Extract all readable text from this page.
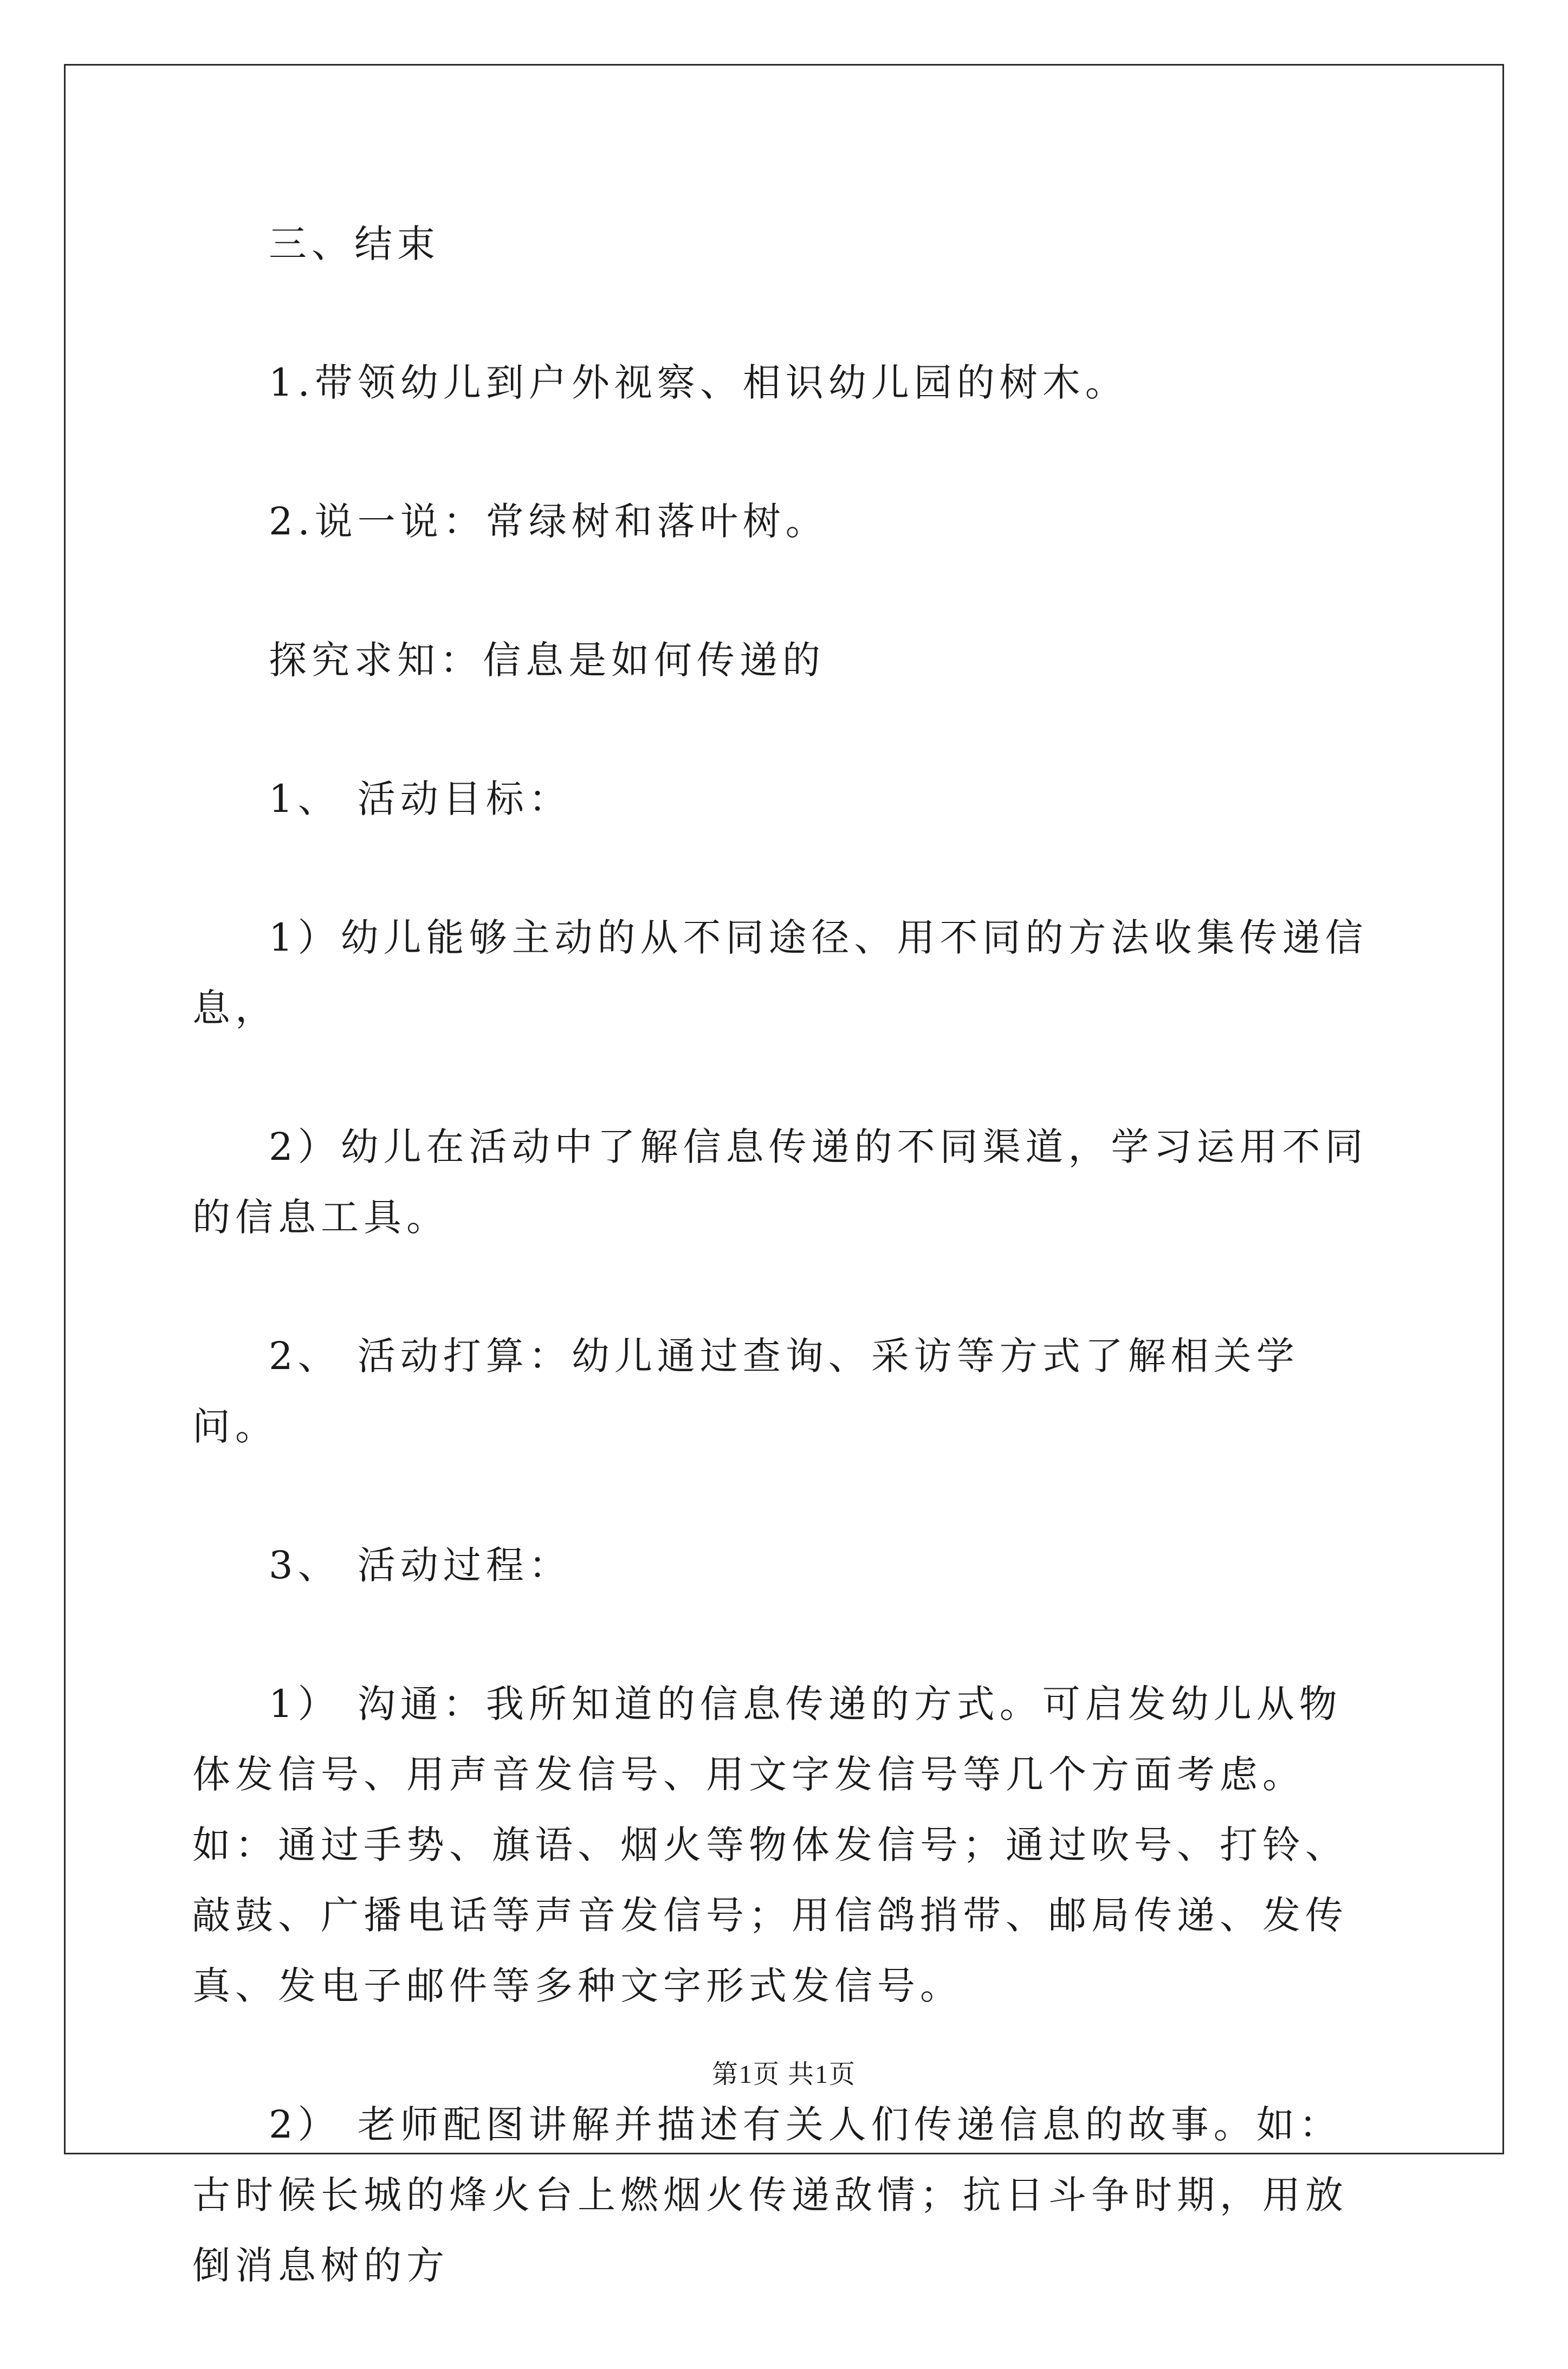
三、结束

1.带领幼儿到户外视察、相识幼儿园的树木。

2.说一说：常绿树和落叶树。

探究求知：信息是如何传递的

1、 活动目标：

1）幼儿能够主动的从不同途径、用不同的方法收集传递信息，

2）幼儿在活动中了解信息传递的不同渠道，学习运用不同的信息工具。

2、 活动打算：幼儿通过查询、采访等方式了解相关学问。

3、 活动过程：

1） 沟通：我所知道的信息传递的方式。可启发幼儿从物体发信号、用声音发信号、用文字发信号等几个方面考虑。如：通过手势、旗语、烟火等物体发信号；通过吹号、打铃、敲鼓、广播电话等声音发信号；用信鸽捎带、邮局传递、发传真、发电子邮件等多种文字形式发信号。

2） 老师配图讲解并描述有关人们传递信息的故事。如：古时候长城的烽火台上燃烟火传递敌情；抗日斗争时期，用放倒消息树的方

第1页 共1页
